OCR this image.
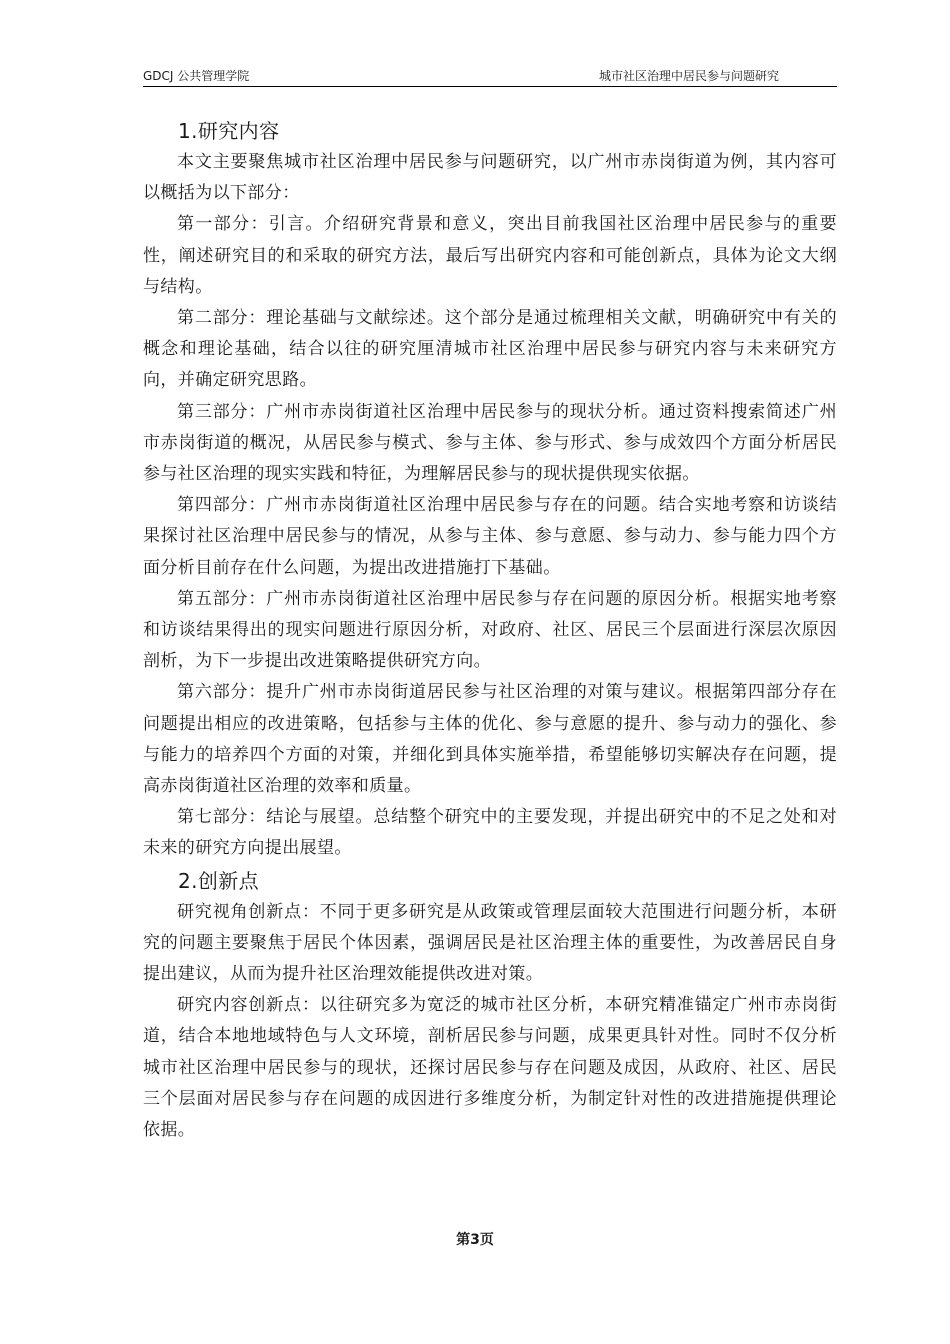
GDCJ 公共管理学院	城市社区治理中居民参与问题研究
1.研究内容

本文主要聚焦城市社区治理中居民参与问题研究，以广州市赤岗街道为例，其内容可以概括为以下部分：

第一部分：引言。介绍研究背景和意义，突出目前我国社区治理中居民参与的重要性，阐述研究目的和采取的研究方法，最后写出研究内容和可能创新点，具体为论文大纲与结构。

第二部分：理论基础与文献综述。这个部分是通过梳理相关文献，明确研究中有关的概念和理论基础，结合以往的研究厘清城市社区治理中居民参与研究内容与未来研究方向，并确定研究思路。

第三部分：广州市赤岗街道社区治理中居民参与的现状分析。通过资料搜索简述广州市赤岗街道的概况，从居民参与模式、参与主体、参与形式、参与成效四个方面分析居民参与社区治理的现实实践和特征，为理解居民参与的现状提供现实依据。

第四部分：广州市赤岗街道社区治理中居民参与存在的问题。结合实地考察和访谈结果探讨社区治理中居民参与的情况，从参与主体、参与意愿、参与动力、参与能力四个方面分析目前存在什么问题，为提出改进措施打下基础。

第五部分：广州市赤岗街道社区治理中居民参与存在问题的原因分析。根据实地考察和访谈结果得出的现实问题进行原因分析，对政府、社区、居民三个层面进行深层次原因剖析，为下一步提出改进策略提供研究方向。

第六部分：提升广州市赤岗街道居民参与社区治理的对策与建议。根据第四部分存在问题提出相应的改进策略，包括参与主体的优化、参与意愿的提升、参与动力的强化、参与能力的培养四个方面的对策，并细化到具体实施举措，希望能够切实解决存在问题，提高赤岗街道社区治理的效率和质量。

第七部分：结论与展望。总结整个研究中的主要发现，并提出研究中的不足之处和对未来的研究方向提出展望。

2.创新点

研究视角创新点：不同于更多研究是从政策或管理层面较大范围进行问题分析，本研究的问题主要聚焦于居民个体因素，强调居民是社区治理主体的重要性，为改善居民自身提出建议，从而为提升社区治理效能提供改进对策。

研究内容创新点：以往研究多为宽泛的城市社区分析，本研究精准锚定广州市赤岗街道，结合本地地域特色与人文环境，剖析居民参与问题，成果更具针对性。同时不仅分析城市社区治理中居民参与的现状，还探讨居民参与存在问题及成因，从政府、社区、居民三个层面对居民参与存在问题的成因进行多维度分析，为制定针对性的改进措施提供理论依据。

第3页
